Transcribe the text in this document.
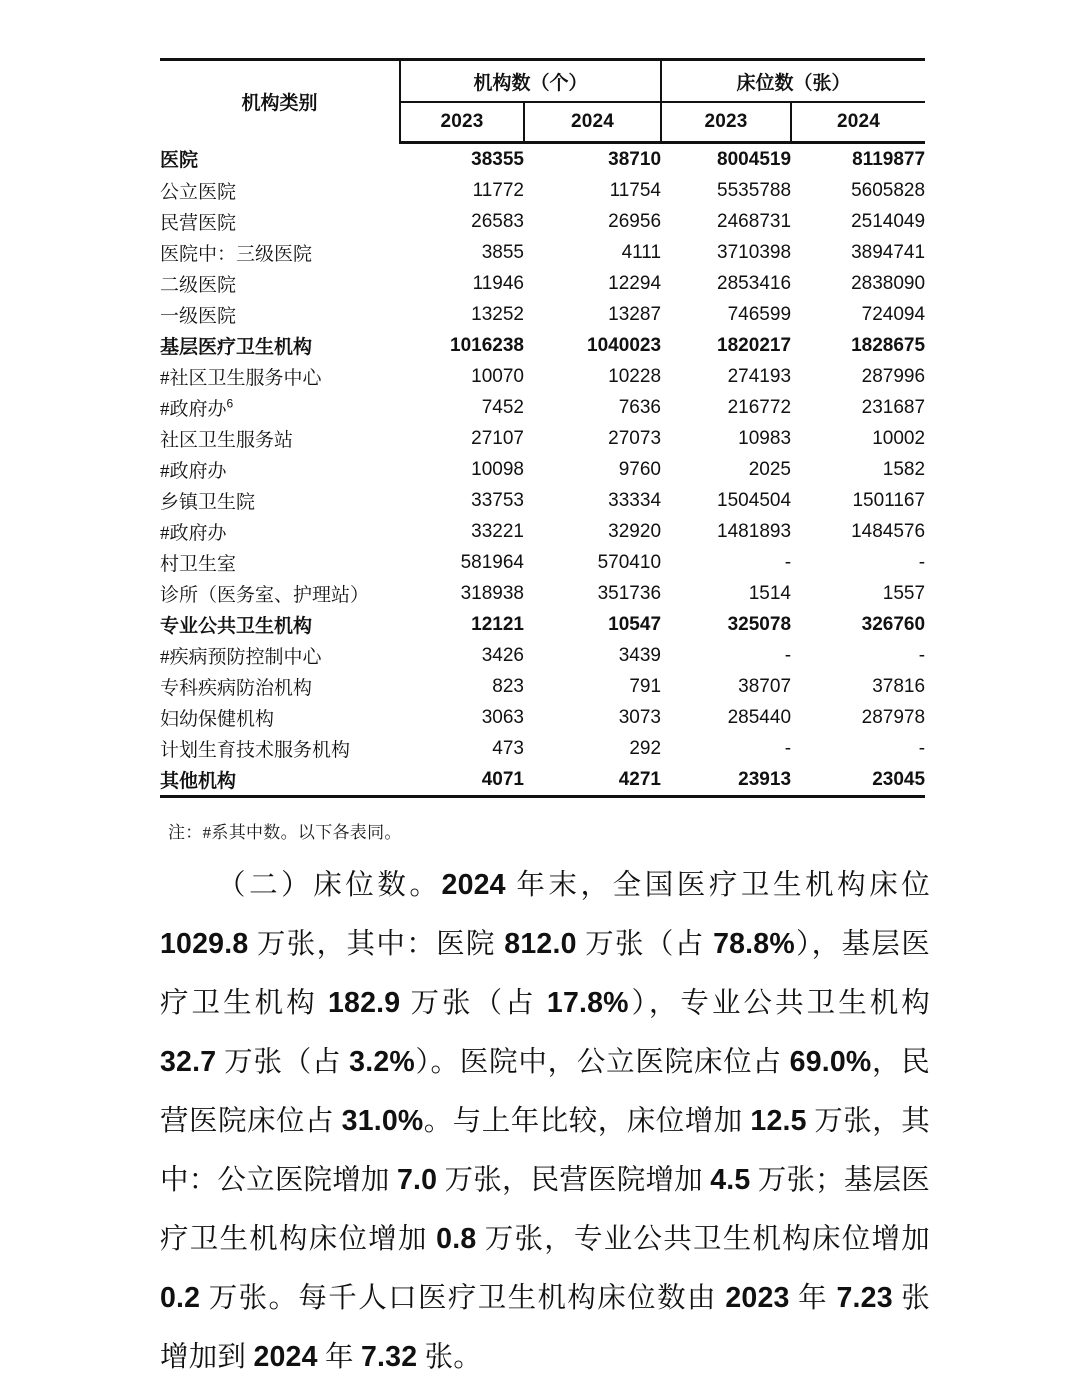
机构类别	机构数（个）		床位数（张）	
	2023	2024	2023	2024
医院	38355	38710	8004519	8119877
公立医院	11772	11754	5535788	5605828
民营医院	26583	26956	2468731	2514049
医院中：三级医院	3855	4111	3710398	3894741
二级医院	11946	12294	2853416	2838090
一级医院	13252	13287	746599	724094
基层医疗卫生机构	1016238	1040023	1820217	1828675
#社区卫生服务中心	10070	10228	274193	287996
#政府办$^6$	7452	7636	216772	231687
社区卫生服务站	27107	27073	10983	10002
#政府办	10098	9760	2025	1582
乡镇卫生院	33753	33334	1504504	1501167
#政府办	33221	32920	1481893	1484576
村卫生室	581964	570410	-	-
诊所（医务室、护理站）	318938	351736	1514	1557
专业公共卫生机构	12121	10547	325078	326760
#疾病预防控制中心	3426	3439	-	-
专科疾病防治机构	823	791	38707	37816
妇幼保健机构	3063	3073	285440	287978
计划生育技术服务机构	473	292	-	-
其他机构	4071	4271	23913	23045
注：#系其中数。以下各表同。
（二）床位数。2024 年末，全国医疗卫生机构床位 1029.8 万张，其中：医院 812.0 万张（占 78.8%），基层医疗卫生机构 182.9 万张（占 17.8%），专业公共卫生机构 32.7 万张（占 3.2%）。医院中，公立医院床位占 69.0%，民营医院床位占 31.0%。与上年比较，床位增加 12.5 万张，其中：公立医院增加 7.0 万张，民营医院增加 4.5 万张；基层医疗卫生机构床位增加 0.8 万张，专业公共卫生机构床位增加 0.2 万张。每千人口医疗卫生机构床位数由 2023 年 7.23 张增加到 2024 年 7.32 张。
